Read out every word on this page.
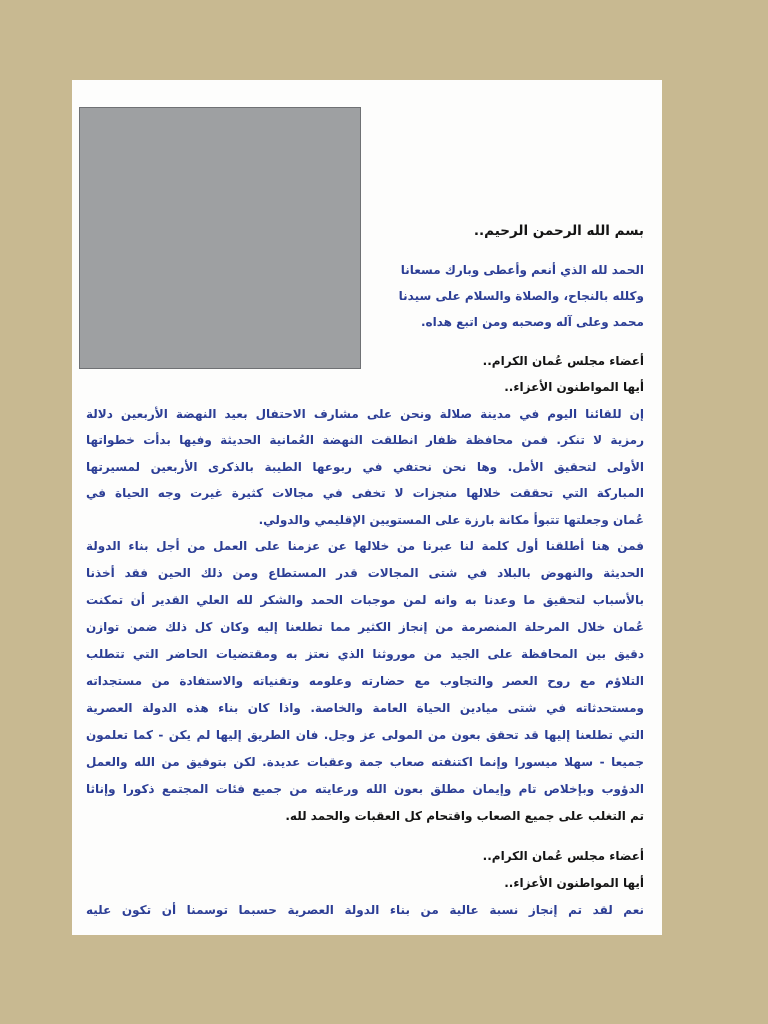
بسم الله الرحمن الرحيم..
الحمد لله الذي أنعم وأعطى وبارك مسعانا
وكلله بالنجاح، والصلاة والسلام على سيدنا
محمد وعلى آله وصحبه ومن اتبع هداه.
أعضاء مجلس عُمان الكرام..
أيها المواطنون الأعزاء..
إن للقائنا اليوم في مدينة صلالة ونحن على مشارف الاحتفال بعيد النهضة الأربعين دلالة
رمزية لا تنكر. فمن محافظة ظفار انطلقت النهضة العُمانية الحديثة وفيها بدأت خطواتها
الأولى لتحقيق الأمل. وها نحن نحتفي في ربوعها الطيبة بالذكرى الأربعين لمسيرتها
المباركة التي تحققت خلالها منجزات لا تخفى في مجالات كثيرة غيرت وجه الحياة في
عُمان وجعلتها تتبوأ مكانة بارزة على المستويين الإقليمي والدولي.
فمن هنا أطلقنا أول كلمة لنا عبرنا من خلالها عن عزمنا على العمل من أجل بناء الدولة
الحديثة والنهوض بالبلاد في شتى المجالات قدر المستطاع ومن ذلك الحين فقد أخذنا
بالأسباب لتحقيق ما وعدنا به وانه لمن موجبات الحمد والشكر لله العلي القدير أن تمكنت
عُمان خلال المرحلة المنصرمة من إنجاز الكثير مما تطلعنا إليه وكان كل ذلك ضمن توازن
دقيق بين المحافظة على الجيد من موروثنا الذي نعتز به ومقتضيات الحاضر التي تتطلب
التلاؤم مع روح العصر والتجاوب مع حضارته وعلومه وتقنياته والاستفادة من مستجداته
ومستحدثاته في شتى ميادين الحياة العامة والخاصة. واذا كان بناء هذه الدولة العصرية
التي تطلعنا إليها قد تحقق بعون من المولى عز وجل. فان الطريق إليها لم يكن - كما تعلمون
جميعا - سهلا ميسورا وإنما اكتنفته صعاب جمة وعقبات عديدة. لكن بتوفيق من الله والعمل
الدؤوب وبإخلاص تام وإيمان مطلق بعون الله ورعايته من جميع فئات المجتمع ذكورا وإناثا
تم التغلب على جميع الصعاب واقتحام كل العقبات والحمد لله.
أعضاء مجلس عُمان الكرام..
أيها المواطنون الأعزاء..
نعم لقد تم إنجاز نسبة عالية من بناء الدولة العصرية حسبما توسمنا أن تكون عليه
